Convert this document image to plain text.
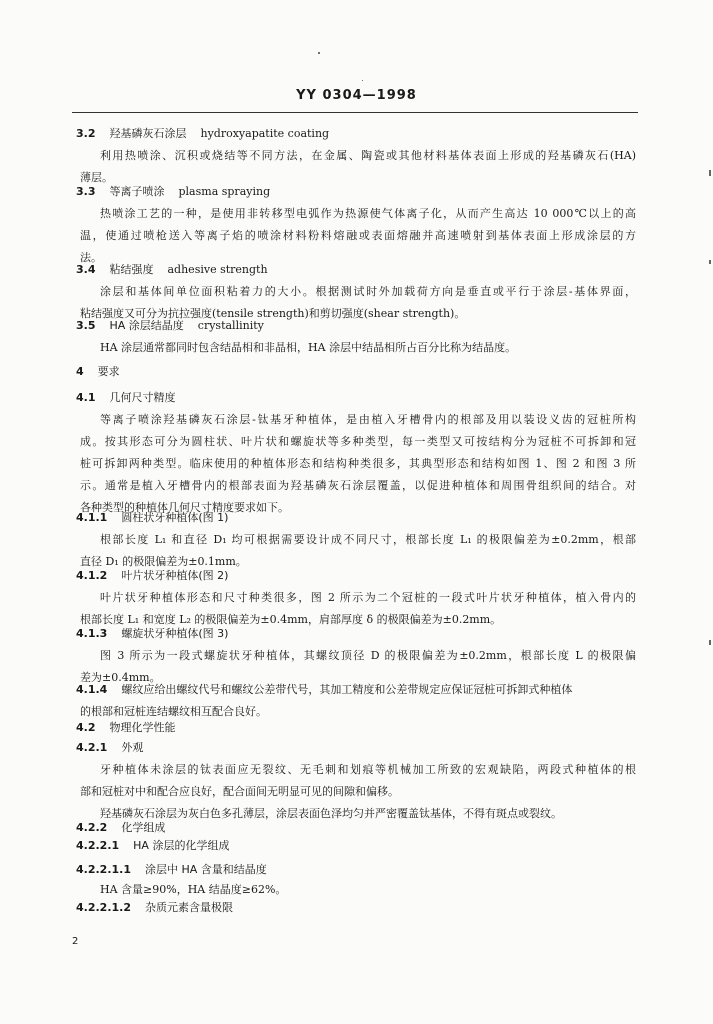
YY 0304—1998
3.2 羟基磷灰石涂层 hydroxyapatite coating
利用热喷涂、沉积或烧结等不同方法，在金属、陶瓷或其他材料基体表面上形成的羟基磷灰石(HA)
薄层。
3.3 等离子喷涂 plasma spraying
热喷涂工艺的一种，是使用非转移型电弧作为热源使气体离子化，从而产生高达 10 000℃以上的高
温，使通过喷枪送入等离子焰的喷涂材料粉料熔融或表面熔融并高速喷射到基体表面上形成涂层的方
法。
3.4 粘结强度 adhesive strength
涂层和基体间单位面积粘着力的大小。根据测试时外加载荷方向是垂直或平行于涂层-基体界面，
粘结强度又可分为抗拉强度(tensile strength)和剪切强度(shear strength)。
3.5 HA 涂层结晶度 crystallinity
HA 涂层通常都同时包含结晶相和非晶相，HA 涂层中结晶相所占百分比称为结晶度。
4 要求
4.1 几何尺寸精度
等离子喷涂羟基磷灰石涂层-钛基牙种植体，是由植入牙槽骨内的根部及用以装设义齿的冠桩所构
成。按其形态可分为圆柱状、叶片状和螺旋状等多种类型，每一类型又可按结构分为冠桩不可拆卸和冠
桩可拆卸两种类型。临床使用的种植体形态和结构种类很多，其典型形态和结构如图 1、图 2 和图 3 所
示。通常是植入牙槽骨内的根部表面为羟基磷灰石涂层覆盖，以促进种植体和周围骨组织间的结合。对
各种类型的种植体几何尺寸精度要求如下。
4.1.1 圆柱状牙种植体(图 1)
根部长度 L₁ 和直径 D₁ 均可根据需要设计成不同尺寸，根部长度 L₁ 的极限偏差为±0.2mm，根部
直径 D₁ 的极限偏差为±0.1mm。
4.1.2 叶片状牙种植体(图 2)
叶片状牙种植体形态和尺寸种类很多，图 2 所示为二个冠桩的一段式叶片状牙种植体，植入骨内的
根部长度 L₁ 和宽度 L₂ 的极限偏差为±0.4mm，肩部厚度 δ 的极限偏差为±0.2mm。
4.1.3 螺旋状牙种植体(图 3)
图 3 所示为一段式螺旋状牙种植体，其螺纹顶径 D 的极限偏差为±0.2mm，根部长度 L 的极限偏
差为±0.4mm。
4.1.4 螺纹应给出螺纹代号和螺纹公差带代号，其加工精度和公差带规定应保证冠桩可拆卸式种植体
的根部和冠桩连结螺纹相互配合良好。
4.2 物理化学性能
4.2.1 外观
牙种植体未涂层的钛表面应无裂纹、无毛刺和划痕等机械加工所致的宏观缺陷，两段式种植体的根
部和冠桩对中和配合应良好，配合面间无明显可见的间隙和偏移。
羟基磷灰石涂层为灰白色多孔薄层，涂层表面色泽均匀并严密覆盖钛基体，不得有斑点或裂纹。
4.2.2 化学组成
4.2.2.1 HA 涂层的化学组成
4.2.2.1.1 涂层中 HA 含量和结晶度
HA 含量≥90%，HA 结晶度≥62%。
4.2.2.1.2 杂质元素含量极限
2
